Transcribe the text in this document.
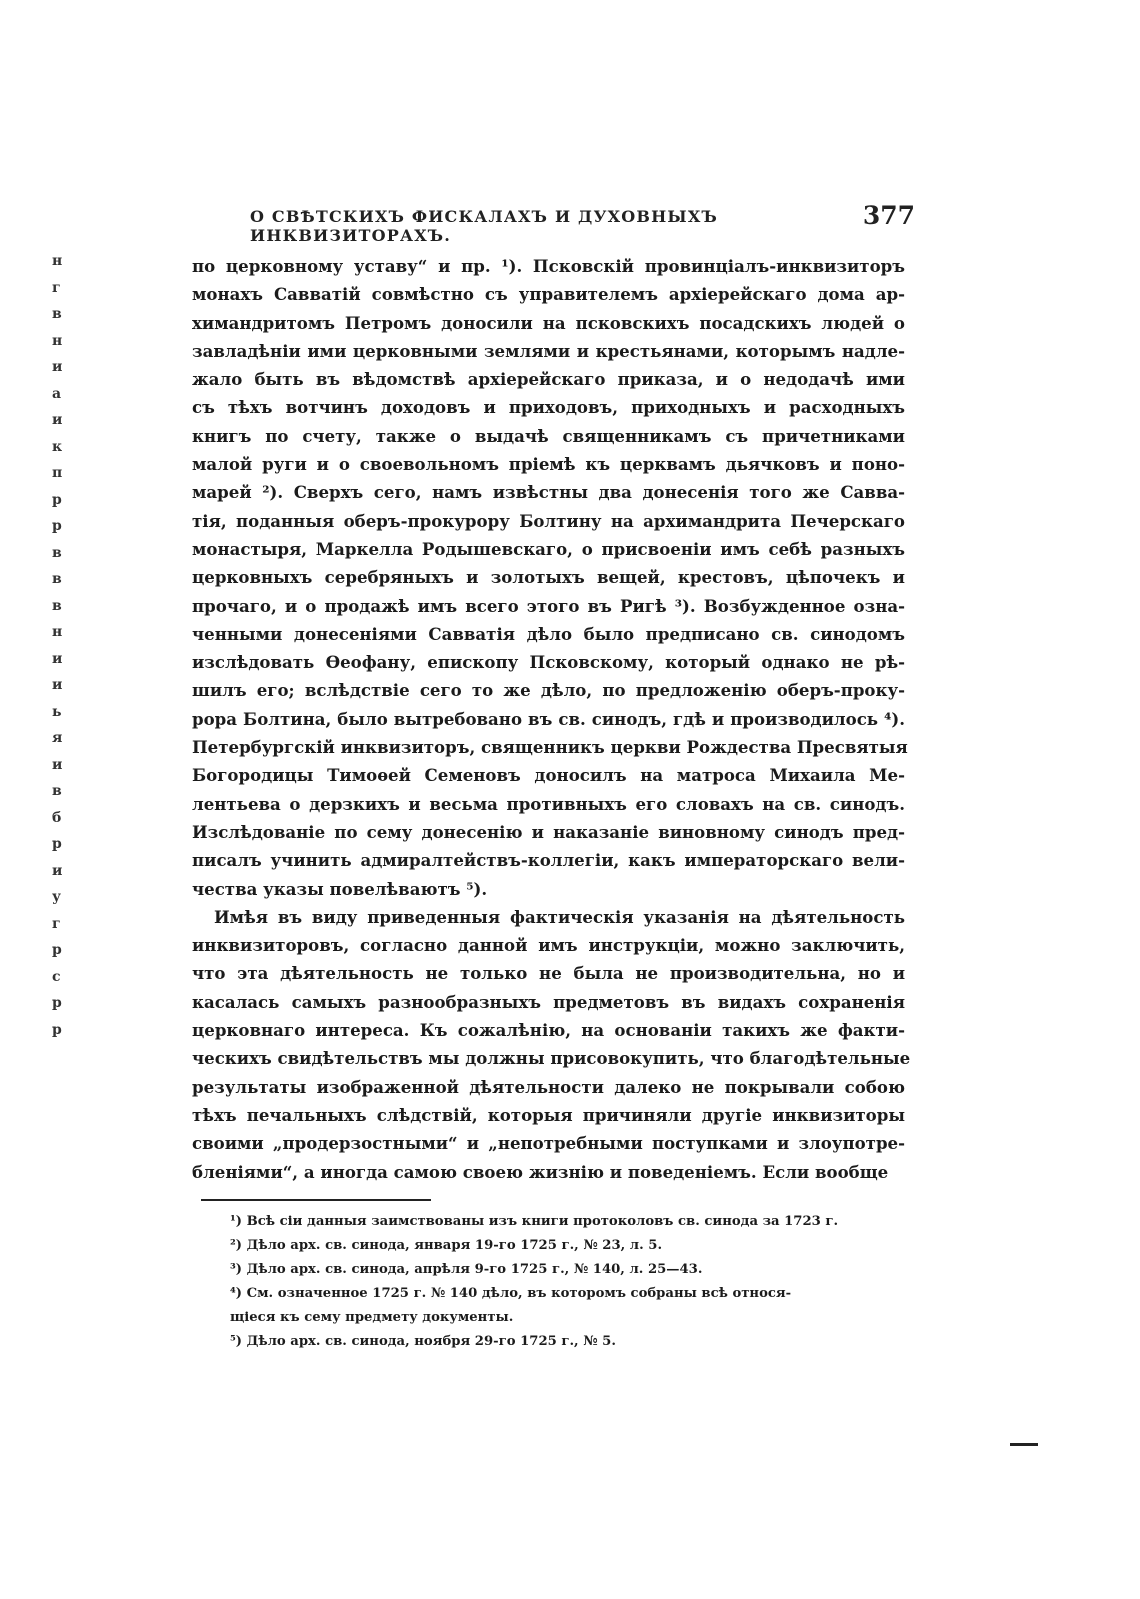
О СВѢТСКИХЪ ФИСКАЛАХЪ И ДУХОВНЫХЪ ИНКВИЗИТОРАХЪ.
377
н
г
в
н
и
а
и
к
п
р
р
в
в
в
н
и
и
ь
я
и
в
б
р
и
у
г
р
с
р
р
по церковному уставу“ и пр. ¹). Псковскій провинціалъ-инквизиторъ
монахъ Савватій совмѣстно съ управителемъ архіерейскаго дома ар-
химандритомъ Петромъ доносили на псковскихъ посадскихъ людей о
завладѣніи ими церковными землями и крестьянами, которымъ надле-
жало быть въ вѣдомствѣ архіерейскаго приказа, и о недодачѣ ими
съ тѣхъ вотчинъ доходовъ и приходовъ, приходныхъ и расходныхъ
книгъ по счету, также о выдачѣ священникамъ съ причетниками
малой руги и о своевольномъ пріемѣ къ церквамъ дьячковъ и поно-
марей ²). Сверхъ сего, намъ извѣстны два донесенія того же Савва-
тія, поданныя оберъ-прокурору Болтину на архимандрита Печерскаго
монастыря, Маркелла Родышевскаго, о присвоеніи имъ себѣ разныхъ
церковныхъ серебряныхъ и золотыхъ вещей, крестовъ, цѣпочекъ и
прочаго, и о продажѣ имъ всего этого въ Ригѣ ³). Возбужденное озна-
ченными донесеніями Савватія дѣло было предписано св. синодомъ
изслѣдовать Ѳеофану, епископу Псковскому, который однако не рѣ-
шилъ его; вслѣдствіе сего то же дѣло, по предложенію оберъ-проку-
рора Болтина, было вытребовано въ св. синодъ, гдѣ и производилось ⁴).
Петербургскій инквизиторъ, священникъ церкви Рождества Пресвятыя
Богородицы Тимоѳей Семеновъ доносилъ на матроса Михаила Ме-
лентьева о дерзкихъ и весьма противныхъ его словахъ на св. синодъ.
Изслѣдованіе по сему донесенію и наказаніе виновному синодъ пред-
писалъ учинить адмиралтействъ-коллегіи, какъ императорскаго вели-
чества указы повелѣваютъ ⁵).
Имѣя въ виду приведенныя фактическія указанія на дѣятельность
инквизиторовъ, согласно данной имъ инструкціи, можно заключить,
что эта дѣятельность не только не была не производительна, но и
касалась самыхъ разнообразныхъ предметовъ въ видахъ сохраненія
церковнаго интереса. Къ сожалѣнію, на основаніи такихъ же факти-
ческихъ свидѣтельствъ мы должны присовокупить, что благодѣтельные
результаты изображенной дѣятельности далеко не покрывали собою
тѣхъ печальныхъ слѣдствій, которыя причиняли другіе инквизиторы
своими „продерзостными“ и „непотребными поступками и злоупотре-
бленіями“, а иногда самою своею жизнію и поведеніемъ. Если вообще
¹) Всѣ сіи данныя заимствованы изъ книги протоколовъ св. синода за 1723 г.
²) Дѣло арх. св. синода, января 19-го 1725 г., № 23, л. 5.
³) Дѣло арх. св. синода, апрѣля 9-го 1725 г., № 140, л. 25—43.
⁴) См. означенное 1725 г. № 140 дѣло, въ которомъ собраны всѣ относя-
щіеся къ сему предмету документы.
⁵) Дѣло арх. св. синода, ноября 29-го 1725 г., № 5.
